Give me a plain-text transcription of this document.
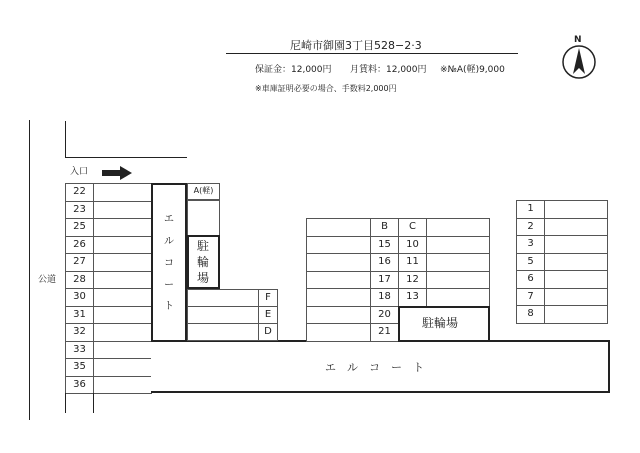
尼崎市御園3丁目528−2·3
保証金：12,000円 月賃料：12,000円 ※№A(軽)9,000
※車庫証明必要の場合、手数料2,000円
N
公道
入口
22
23
25
26
27
28
30
31
32
33
35
36
エ
ル
コ
ー
ト
エ　ル　コ　ー　ト
A(軽)
駐
輪
場
F
E
D
B	C
15	10
16	11
17	12
18	13
20
21
駐輪場
1
2
3
5
6
7
8
